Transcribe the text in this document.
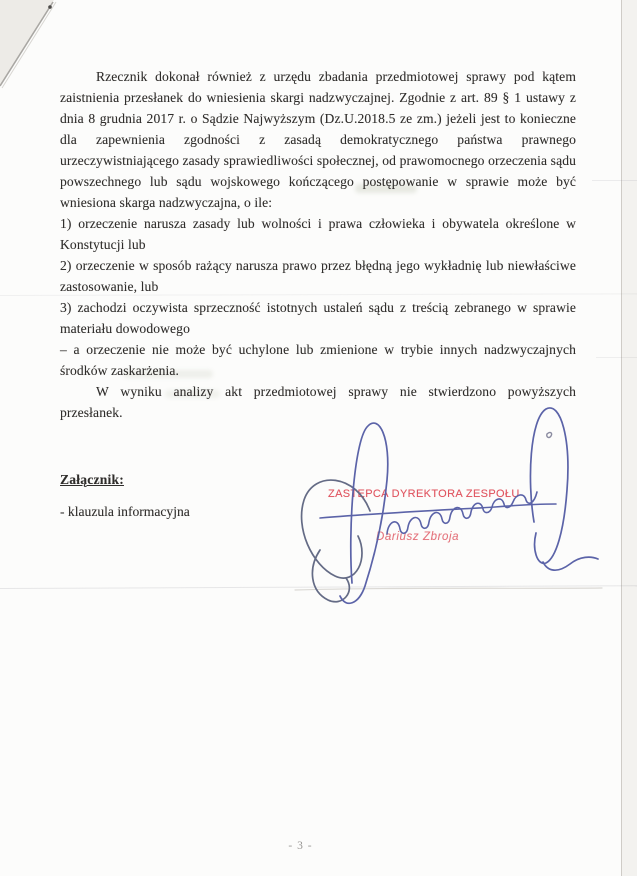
Rzecznik dokonał również z urzędu zbadania przedmiotowej sprawy pod kątem zaistnienia przesłanek do wniesienia skargi nadzwyczajnej. Zgodnie z art. 89 § 1 ustawy z dnia 8 grudnia 2017 r. o Sądzie Najwyższym (Dz.U.2018.5 ze zm.) jeżeli jest to konieczne dla zapewnienia zgodności z zasadą demokratycznego państwa prawnego urzeczywistniającego zasady sprawiedliwości społecznej, od prawomocnego orzeczenia sądu powszechnego lub sądu wojskowego kończącego postępowanie w sprawie może być wniesiona skarga nadzwyczajna, o ile:

1) orzeczenie narusza zasady lub wolności i prawa człowieka i obywatela określone w Konstytucji lub

2) orzeczenie w sposób rażący narusza prawo przez błędną jego wykładnię lub niewłaściwe zastosowanie, lub

3) zachodzi oczywista sprzeczność istotnych ustaleń sądu z treścią zebranego w sprawie materiału dowodowego

– a orzeczenie nie może być uchylone lub zmienione w trybie innych nadzwyczajnych środków zaskarżenia.

W wyniku analizy akt przedmiotowej sprawy nie stwierdzono powyższych przesłanek.

Załącznik:
- klauzula informacyjna
ZASTĘPCA DYREKTORA ZESPOŁU
Dariusz Zbroja
- 3 -
